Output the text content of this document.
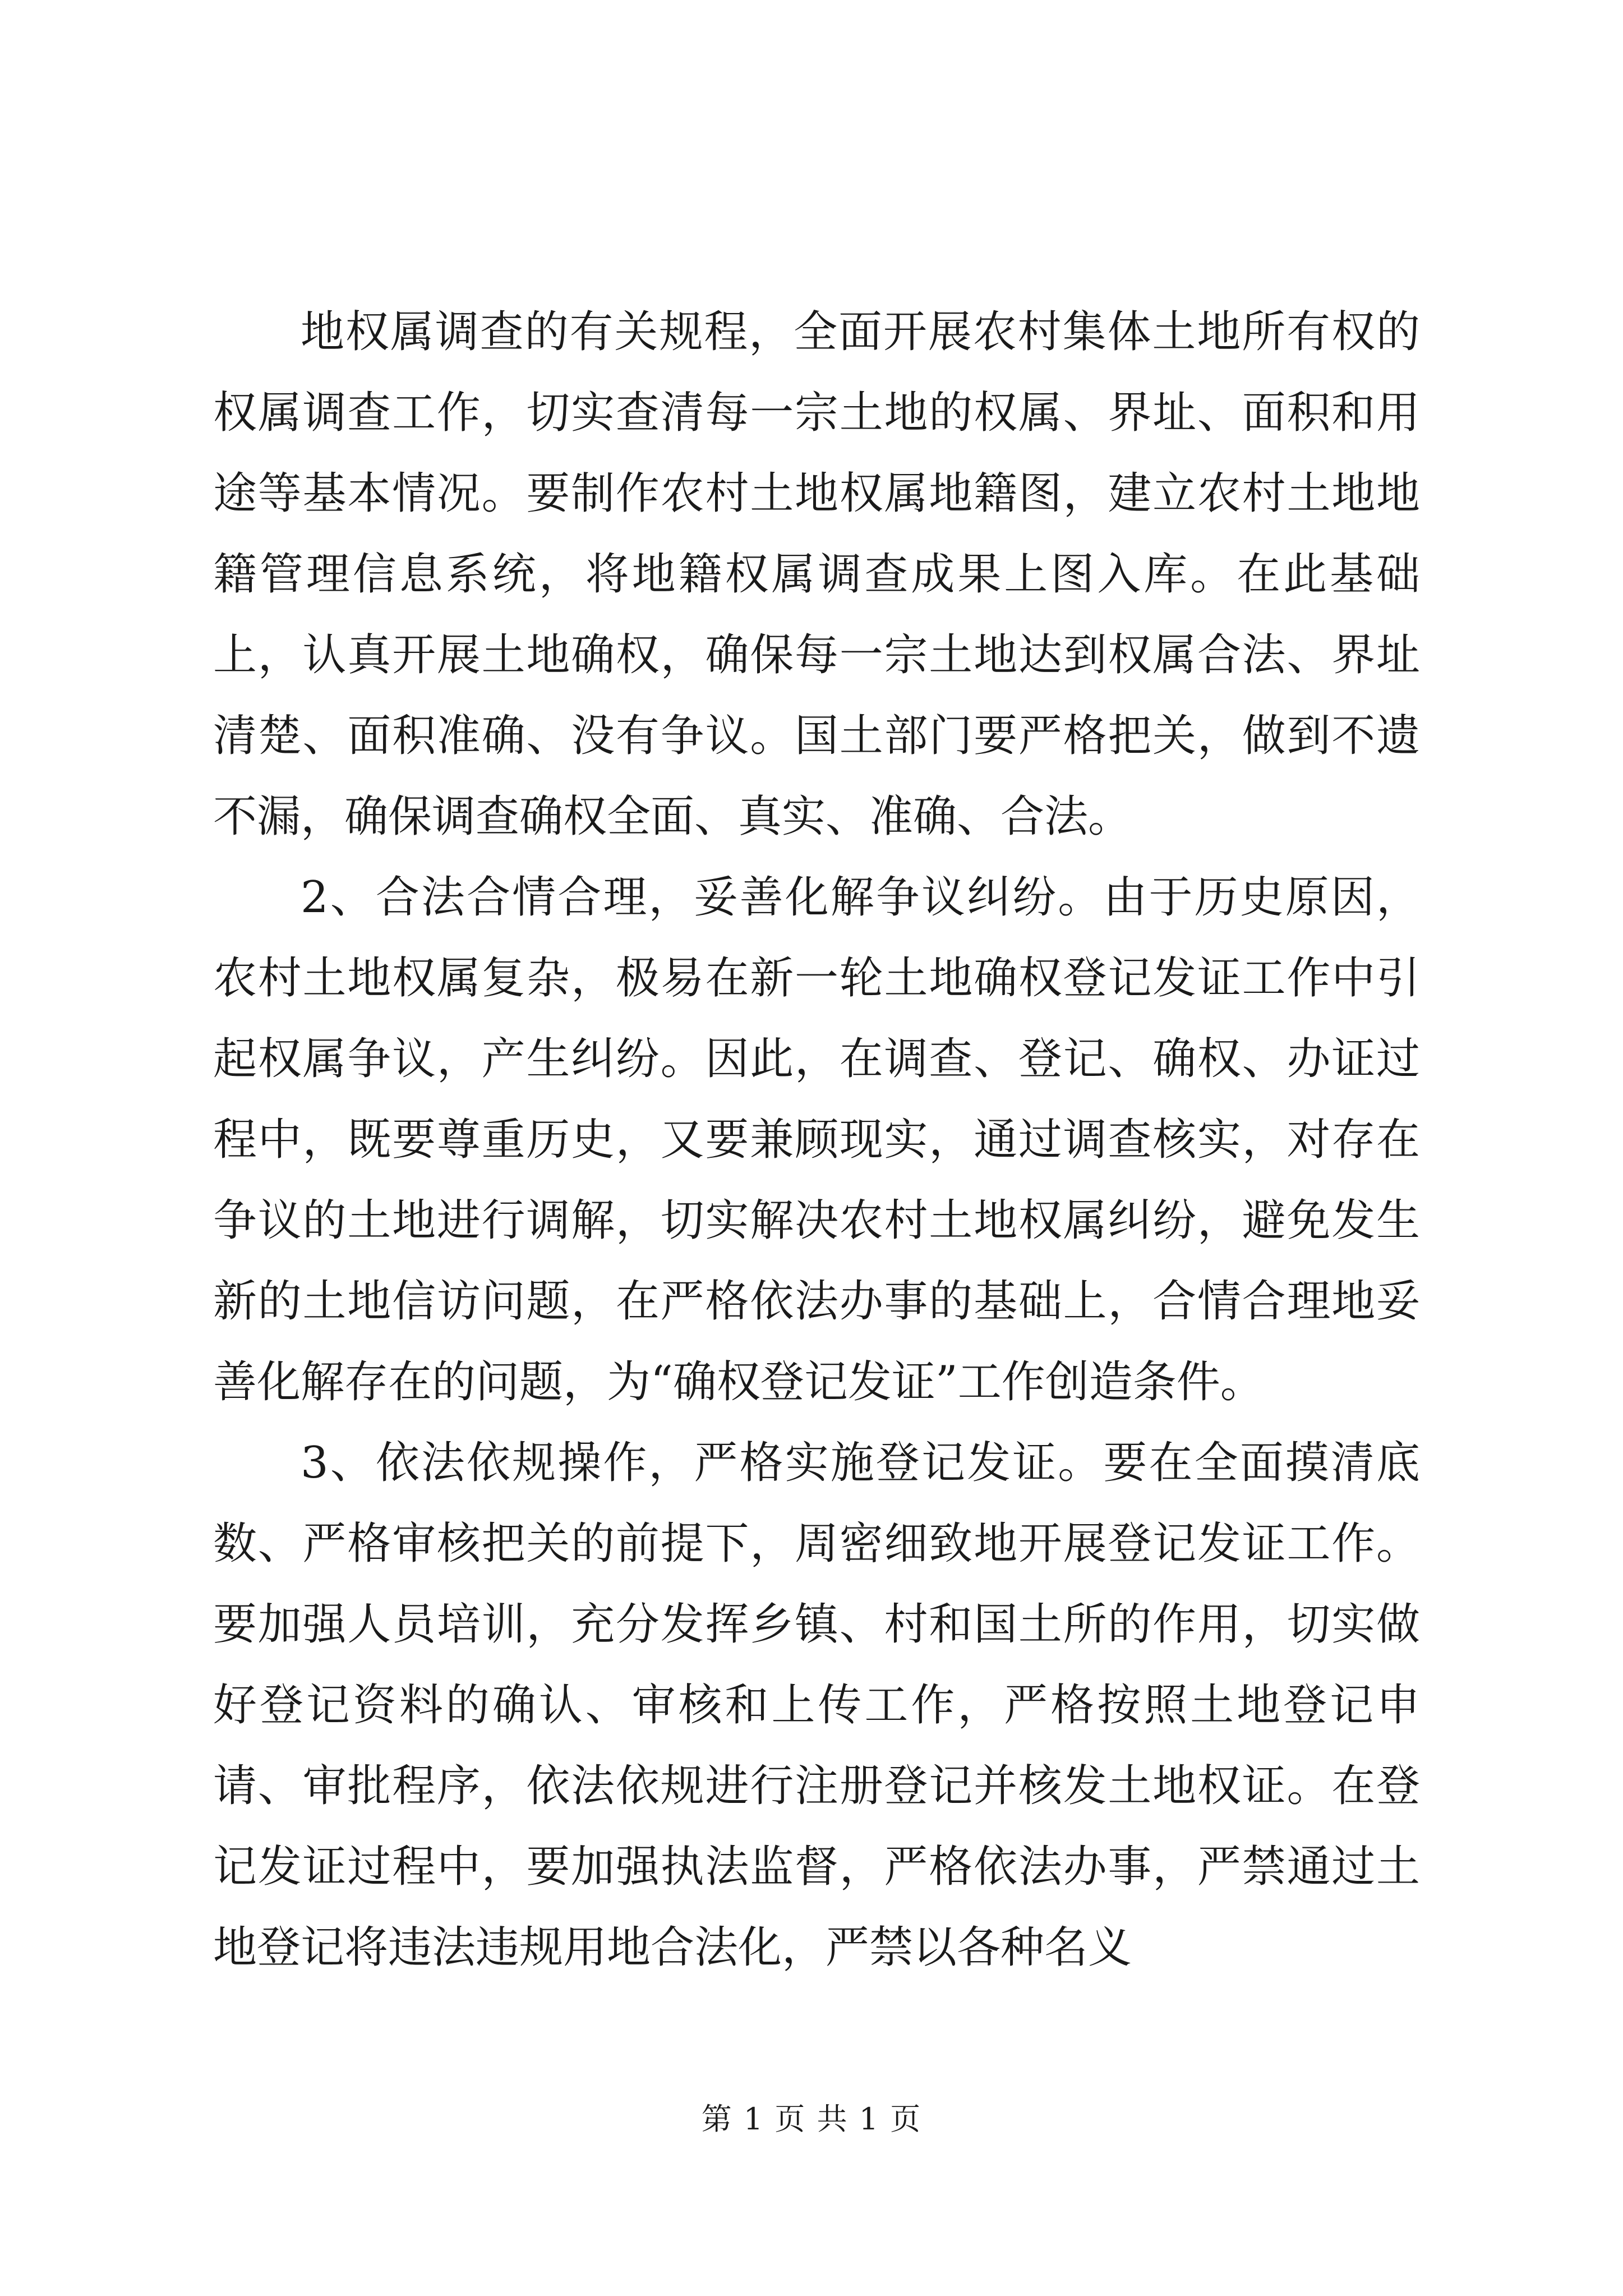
地权属调查的有关规程，全面开展农村集体土地所有权的权属调查工作，切实查清每一宗土地的权属、界址、面积和用途等基本情况。要制作农村土地权属地籍图，建立农村土地地籍管理信息系统，将地籍权属调查成果上图入库。在此基础上，认真开展土地确权，确保每一宗土地达到权属合法、界址清楚、面积准确、没有争议。国土部门要严格把关，做到不遗不漏，确保调查确权全面、真实、准确、合法。

2、合法合情合理，妥善化解争议纠纷。由于历史原因，农村土地权属复杂，极易在新一轮土地确权登记发证工作中引起权属争议，产生纠纷。因此，在调查、登记、确权、办证过程中，既要尊重历史，又要兼顾现实，通过调查核实，对存在争议的土地进行调解，切实解决农村土地权属纠纷，避免发生新的土地信访问题，在严格依法办事的基础上，合情合理地妥善化解存在的问题，为“确权登记发证”工作创造条件。

3、依法依规操作，严格实施登记发证。要在全面摸清底数、严格审核把关的前提下，周密细致地开展登记发证工作。要加强人员培训，充分发挥乡镇、村和国土所的作用，切实做好登记资料的确认、审核和上传工作，严格按照土地登记申请、审批程序，依法依规进行注册登记并核发土地权证。在登记发证过程中，要加强执法监督，严格依法办事，严禁通过土地登记将违法违规用地合法化，严禁以各种名义

第 1 页 共 1 页
